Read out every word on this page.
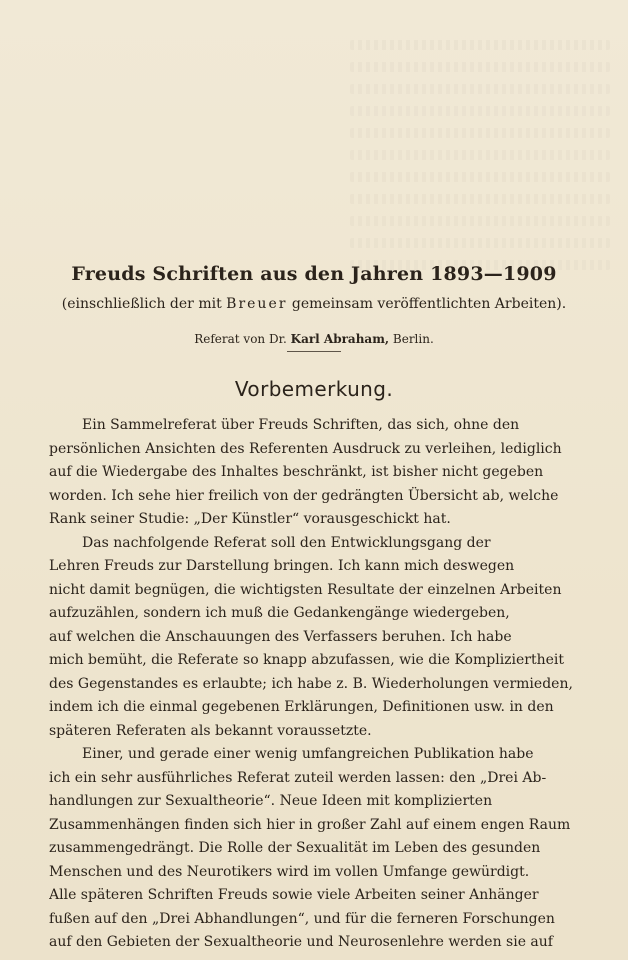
Freuds Schriften aus den Jahren 1893—1909
(einschließlich der mit Breuer gemeinsam veröffentlichten Arbeiten).
Referat von Dr. Karl Abraham, Berlin.
Vorbemerkung.
Ein Sammelreferat über Freuds Schriften, das sich, ohne den
persönlichen Ansichten des Referenten Ausdruck zu verleihen, lediglich
auf die Wiedergabe des Inhaltes beschränkt, ist bisher nicht gegeben
worden. Ich sehe hier freilich von der gedrängten Übersicht ab, welche
Rank seiner Studie: „Der Künstler“ vorausgeschickt hat.
Das nachfolgende Referat soll den Entwicklungsgang der
Lehren Freuds zur Darstellung bringen. Ich kann mich deswegen
nicht damit begnügen, die wichtigsten Resultate der einzelnen Arbeiten
aufzuzählen, sondern ich muß die Gedankengänge wiedergeben,
auf welchen die Anschauungen des Verfassers beruhen. Ich habe
mich bemüht, die Referate so knapp abzufassen, wie die Kompliziertheit
des Gegenstandes es erlaubte; ich habe z. B. Wiederholungen vermieden,
indem ich die einmal gegebenen Erklärungen, Definitionen usw. in den
späteren Referaten als bekannt voraussetzte.
Einer, und gerade einer wenig umfangreichen Publikation habe
ich ein sehr ausführliches Referat zuteil werden lassen: den „Drei Ab-
handlungen zur Sexualtheorie“. Neue Ideen mit komplizierten
Zusammenhängen finden sich hier in großer Zahl auf einem engen Raum
zusammengedrängt. Die Rolle der Sexualität im Leben des gesunden
Menschen und des Neurotikers wird im vollen Umfange gewürdigt.
Alle späteren Schriften Freuds sowie viele Arbeiten seiner Anhänger
fußen auf den „Drei Abhandlungen“, und für die ferneren Forschungen
auf den Gebieten der Sexualtheorie und Neurosenlehre werden sie auf
